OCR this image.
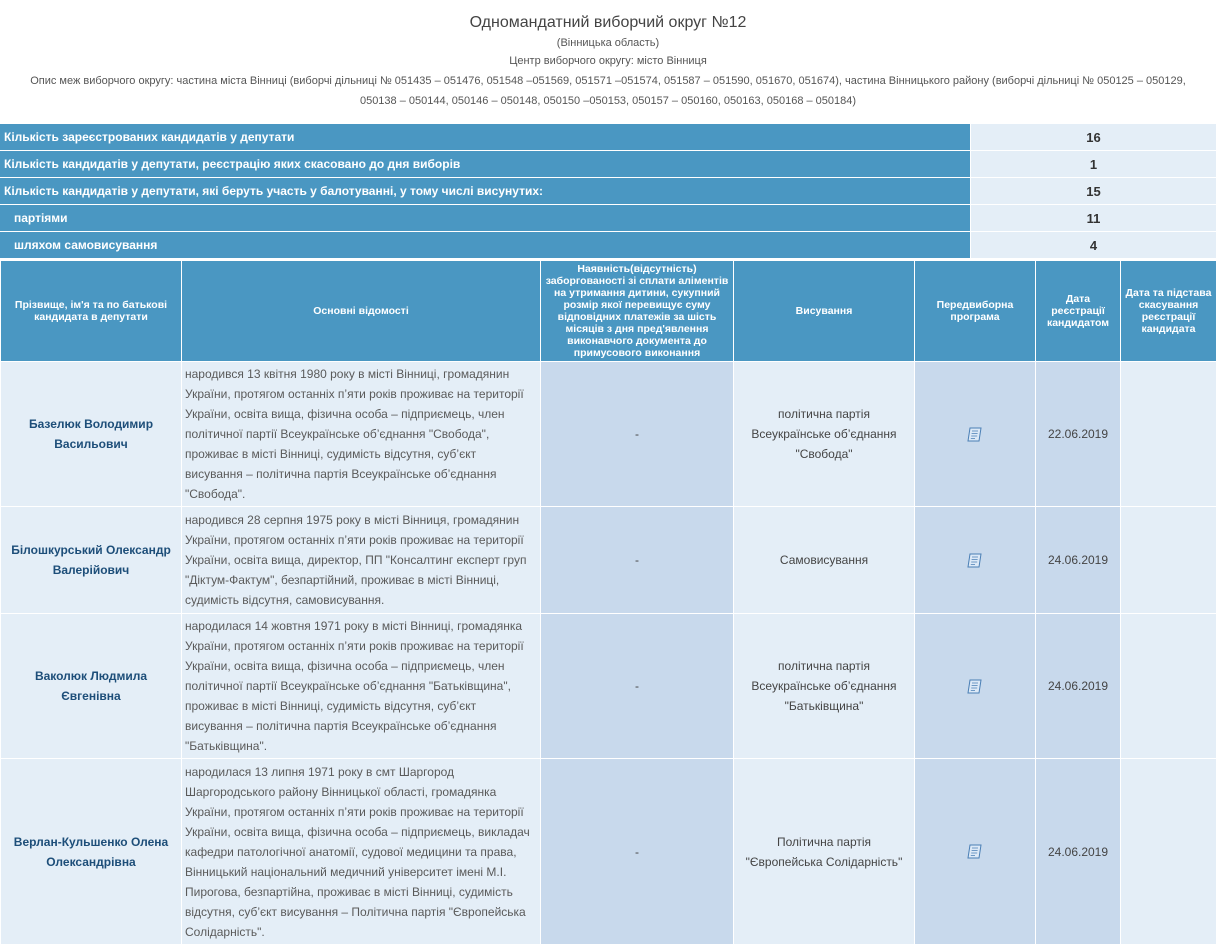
Одномандатний виборчий округ №12
(Вінницька область)
Центр виборчого округу: місто Вінниця
Опис меж виборчого округу: частина міста Вінниці (виборчі дільниці № 051435 – 051476, 051548 –051569, 051571 –051574, 051587 – 051590, 051670, 051674), частина Вінницького району (виборчі дільниці № 050125 – 050129, 050138 – 050144, 050146 – 050148, 050150 –050153, 050157 – 050160, 050163, 050168 – 050184)
Кількість зареєстрованих кандидатів у депутати	16
Кількість кандидатів у депутати, реєстрацію яких скасовано до дня виборів	1
Кількість кандидатів у депутати, які беруть участь у балотуванні, у тому числі висунутих:	15
партіями	11
шляхом самовисування	4
Прізвище, ім'я та по батькові кандидата в депутати	Основні відомості	Наявність(відсутність) заборгованості зі сплати аліментів на утримання дитини, сукупний розмір якої перевищує суму відповідних платежів за шість місяців з дня пред'явлення виконавчого документа до примусового виконання	Висування	Передвиборна програма	Дата реєстрації кандидатом	Дата та підстава скасування реєстрації кандидата
Базелюк Володимир Васильович	народився 13 квітня 1980 року в місті Вінниці, громадянин України, протягом останніх п’яти років проживає на території України, освіта вища, фізична особа – підприємець, член політичної партії Всеукраїнське об’єднання "Свобода", проживає в місті Вінниці, судимість відсутня, суб’єкт висування – політична партія Всеукраїнське об’єднання "Свобода".	-	політична партія Всеукраїнське об’єднання "Свобода"		22.06.2019	
Білошкурський Олександр Валерійович	народився 28 серпня 1975 року в місті Вінниця, громадянин України, протягом останніх п’яти років проживає на території України, освіта вища, директор, ПП "Консалтинг експерт груп "Діктум-Фактум", безпартійний, проживає в місті Вінниці, судимість відсутня, самовисування.	-	Самовисування		24.06.2019	
Ваколюк Людмила Євгенівна	народилася 14 жовтня 1971 року в місті Вінниці, громадянка України, протягом останніх п’яти років проживає на території України, освіта вища, фізична особа – підприємець, член політичної партії Всеукраїнське об’єднання "Батьківщина", проживає в місті Вінниці, судимість відсутня, суб’єкт висування – політична партія Всеукраїнське об’єднання "Батьківщина".	-	політична партія Всеукраїнське об’єднання "Батьківщина"		24.06.2019	
Верлан-Кульшенко Олена Олександрівна	народилася 13 липня 1971 року в смт Шаргород Шаргородського району Вінницької області, громадянка України, протягом останніх п’яти років проживає на території України, освіта вища, фізична особа – підприємець, викладач кафедри патологічної анатомії, судової медицини та права, Вінницький національний медичний університет імені М.І. Пирогова, безпартійна, проживає в місті Вінниці, судимість відсутня, суб’єкт висування – Політична партія "Європейська Солідарність".	-	Політична партія "Європейська Солідарність"		24.06.2019	
